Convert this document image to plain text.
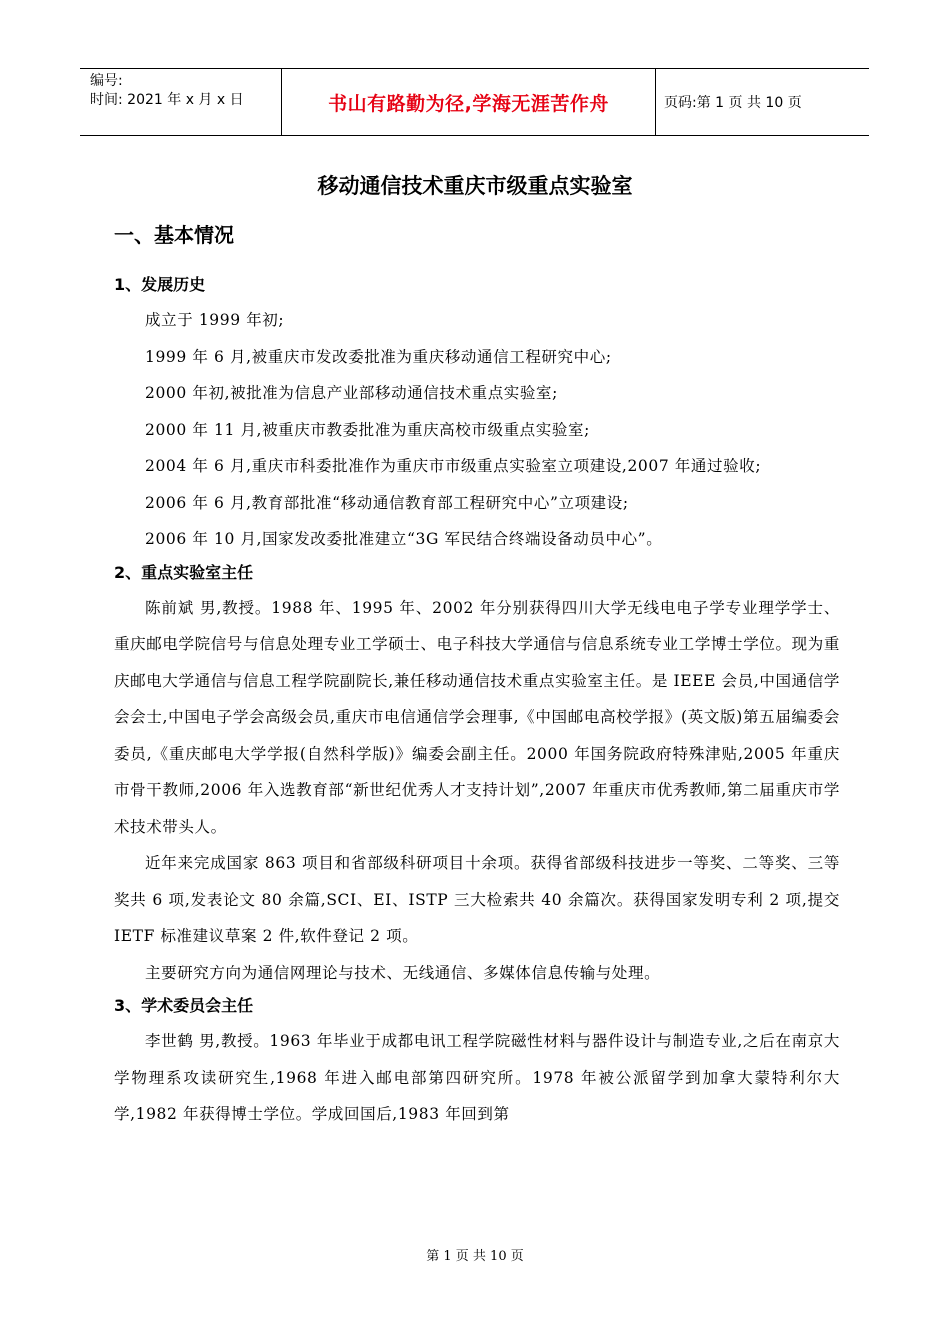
编号:
时间: 2021 年 x 月 x 日	书山有路勤为径,学海无涯苦作舟	页码:第 1 页 共 10 页
移动通信技术重庆市级重点实验室
一、基本情况
1、发展历史

成立于 1999 年初;

1999 年 6 月,被重庆市发改委批准为重庆移动通信工程研究中心;

2000 年初,被批准为信息产业部移动通信技术重点实验室;

2000 年 11 月,被重庆市教委批准为重庆高校市级重点实验室;

2004 年 6 月,重庆市科委批准作为重庆市市级重点实验室立项建设,2007 年通过验收;

2006 年 6 月,教育部批准“移动通信教育部工程研究中心”立项建设;

2006 年 10 月,国家发改委批准建立“3G 军民结合终端设备动员中心”。

2、重点实验室主任

陈前斌 男,教授。1988 年、1995 年、2002 年分别获得四川大学无线电电子学专业理学学士、重庆邮电学院信号与信息处理专业工学硕士、电子科技大学通信与信息系统专业工学博士学位。现为重庆邮电大学通信与信息工程学院副院长,兼任移动通信技术重点实验室主任。是 IEEE 会员,中国通信学会会士,中国电子学会高级会员,重庆市电信通信学会理事,《中国邮电高校学报》(英文版)第五届编委会委员,《重庆邮电大学学报(自然科学版)》编委会副主任。2000 年国务院政府特殊津贴,2005 年重庆市骨干教师,2006 年入选教育部“新世纪优秀人才支持计划”,2007 年重庆市优秀教师,第二届重庆市学术技术带头人。

近年来完成国家 863 项目和省部级科研项目十余项。获得省部级科技进步一等奖、二等奖、三等奖共 6 项,发表论文 80 余篇,SCI、EI、ISTP 三大检索共 40 余篇次。获得国家发明专利 2 项,提交 IETF 标准建议草案 2 件,软件登记 2 项。

主要研究方向为通信网理论与技术、无线通信、多媒体信息传输与处理。

3、学术委员会主任

李世鹤 男,教授。1963 年毕业于成都电讯工程学院磁性材料与器件设计与制造专业,之后在南京大学物理系攻读研究生,1968 年进入邮电部第四研究所。1978 年被公派留学到加拿大蒙特利尔大学,1982 年获得博士学位。学成回国后,1983 年回到第

第 1 页 共 10 页
